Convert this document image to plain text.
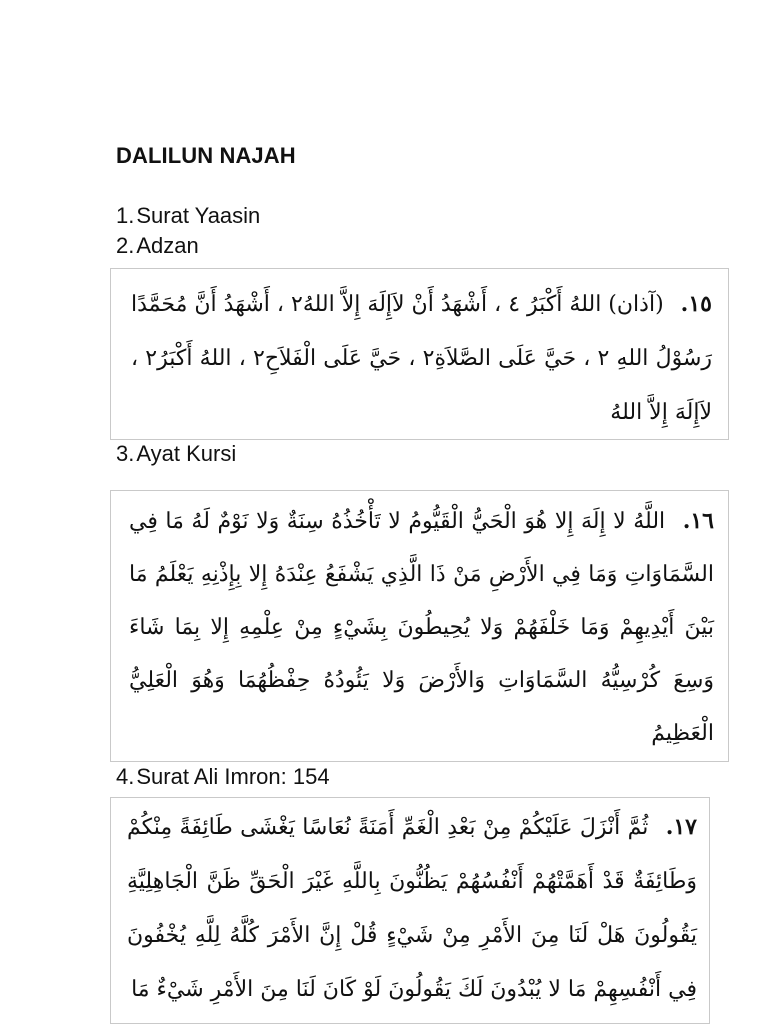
DALILUN NAJAH
1.Surat Yaasin
2.Adzan
١٥. (آذان) اللهُ أَكْبَرُ ٤ ، أَشْهَدُ أَنْ لاَإِلَهَ إِلاَّ اللهُ٢ ، أَشْهَدُ أَنَّ مُحَمَّدًا رَسُوْلُ اللهِ ٢ ، حَيَّ عَلَى الصَّلاَةِ٢ ، حَيَّ عَلَى الْفَلاَحِ٢ ، اللهُ أَكْبَرُ٢ ، لاَإِلَهَ إِلاَّ اللهُ
3.Ayat Kursi
١٦. اللَّهُ لا إِلَهَ إِلا هُوَ الْحَيُّ الْقَيُّومُ لا تَأْخُذُهُ سِنَةٌ وَلا نَوْمٌ لَهُ مَا فِي السَّمَاوَاتِ وَمَا فِي الأَرْضِ مَنْ ذَا الَّذِي يَشْفَعُ عِنْدَهُ إِلا بِإِذْنِهِ يَعْلَمُ مَا بَيْنَ أَيْدِيهِمْ وَمَا خَلْفَهُمْ وَلا يُحِيطُونَ بِشَيْءٍ مِنْ عِلْمِهِ إِلا بِمَا شَاءَ وَسِعَ كُرْسِيُّهُ السَّمَاوَاتِ وَالأَرْضَ وَلا يَئُودُهُ حِفْظُهُمَا وَهُوَ الْعَلِيُّ الْعَظِيمُ
4.Surat Ali Imron: 154
١٧. ثُمَّ أَنْزَلَ عَلَيْكُمْ مِنْ بَعْدِ الْغَمِّ أَمَنَةً نُعَاسًا يَغْشَى طَائِفَةً مِنْكُمْ وَطَائِفَةٌ قَدْ أَهَمَّتْهُمْ أَنْفُسُهُمْ يَظُنُّونَ بِاللَّهِ غَيْرَ الْحَقِّ ظَنَّ الْجَاهِلِيَّةِ يَقُولُونَ هَلْ لَنَا مِنَ الأَمْرِ مِنْ شَيْءٍ قُلْ إِنَّ الأَمْرَ كُلَّهُ لِلَّهِ يُخْفُونَ فِي أَنْفُسِهِمْ مَا لا يُبْدُونَ لَكَ يَقُولُونَ لَوْ كَانَ لَنَا مِنَ الأَمْرِ شَيْءٌ مَا
